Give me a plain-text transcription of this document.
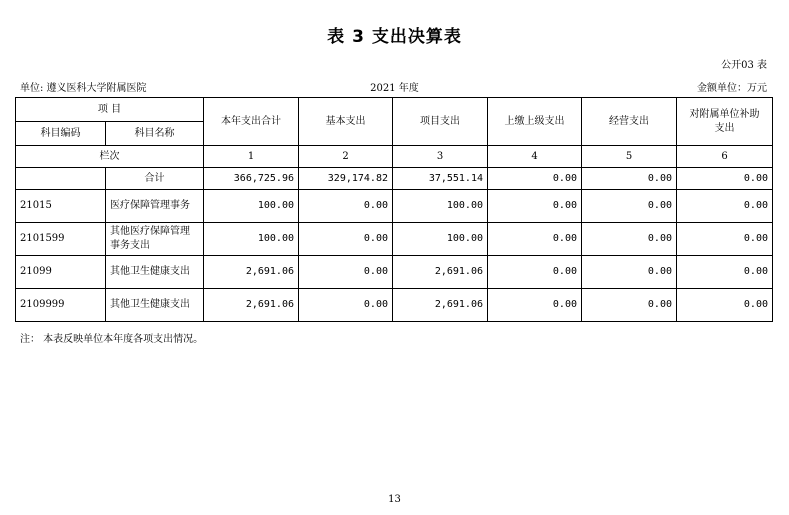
表 3 支出决算表
公开03 表
单位: 遵义医科大学附属医院	2021 年度	金额单位：万元
项 目		本年支出合计	基本支出	项目支出	上缴上级支出	经营支出	对附属单位补助支出
科目编码	科目名称						
栏次		1	2	3	4	5	6
	合计	366,725.96	329,174.82	37,551.14	0.00	0.00	0.00
21015	医疗保障管理事务	100.00	0.00	100.00	0.00	0.00	0.00
2101599	其他医疗保障管理事务支出	100.00	0.00	100.00	0.00	0.00	0.00
21099	其他卫生健康支出	2,691.06	0.00	2,691.06	0.00	0.00	0.00
2109999	其他卫生健康支出	2,691.06	0.00	2,691.06	0.00	0.00	0.00
注： 本表反映单位本年度各项支出情况。
13
